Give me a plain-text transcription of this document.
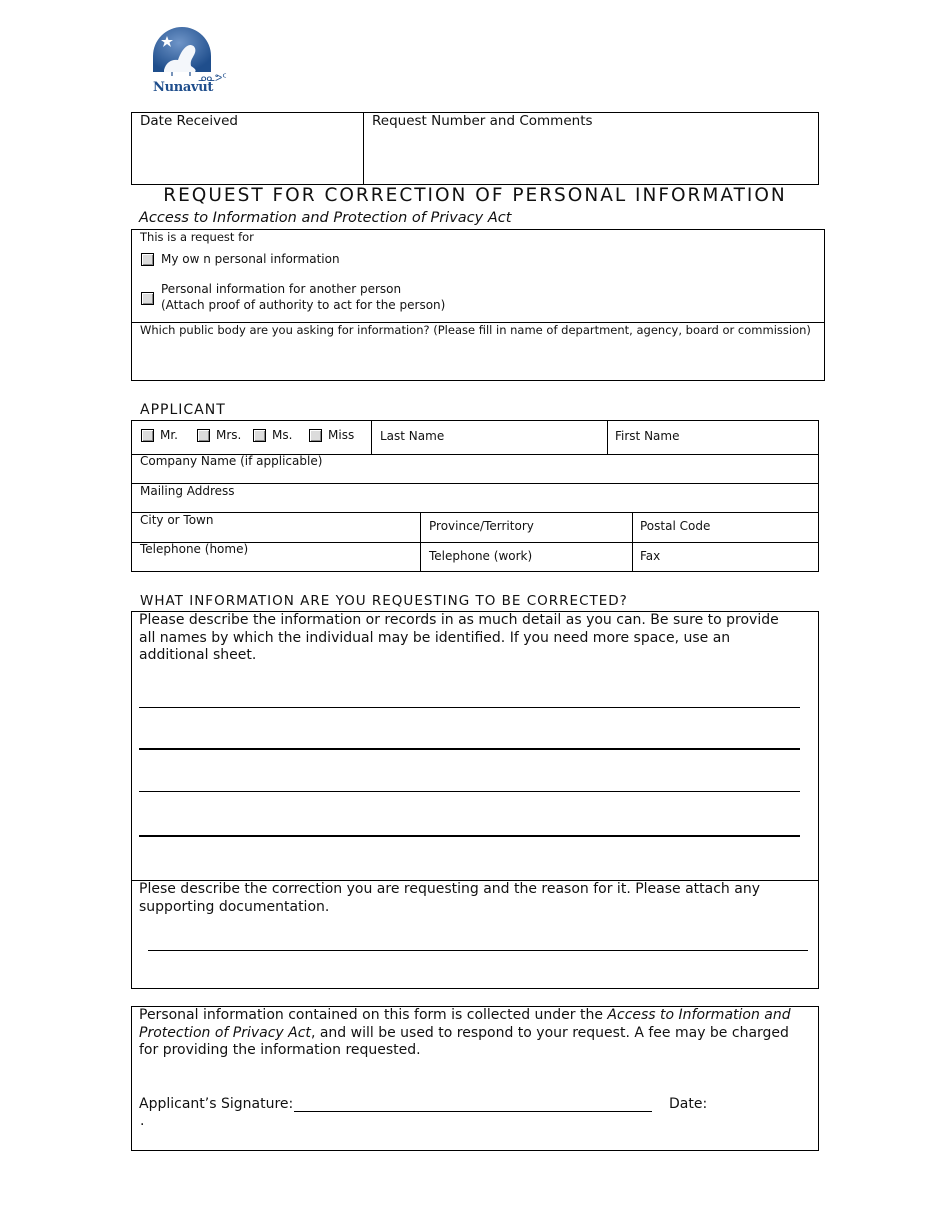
ᓄᓇᕗᑦ
Nunavut
Date Received	Request Number and Comments
REQUEST FOR CORRECTION OF PERSONAL INFORMATION
Access to Information and Protection of Privacy Act
This is a request for
My ow n personal information
Personal information for another person
(Attach proof of authority to act for the person)
Which public body are you asking for information? (Please fill in name of department, agency, board or commission)
APPLICANT
Mr.	Mrs.	Ms.	Miss Last Name	First Name
Company Name (if applicable)
Mailing Address
City or Town	Province/Territory	Postal Code
Telephone (home)	Telephone (work)	Fax
WHAT INFORMATION ARE YOU REQUESTING TO BE CORRECTED?
Please describe the information or records in as much detail as you can. Be sure to provide all names by which the individual may be identified. If you need more space, use an additional sheet.
Plese describe the correction you are requesting and the reason for it. Please attach any supporting documentation.
Personal information contained on this form is collected under the Access to Information and Protection of Privacy Act, and will be used to respond to your request. A fee may be charged for providing the information requested.
Applicant’s Signature:	Date:
.
